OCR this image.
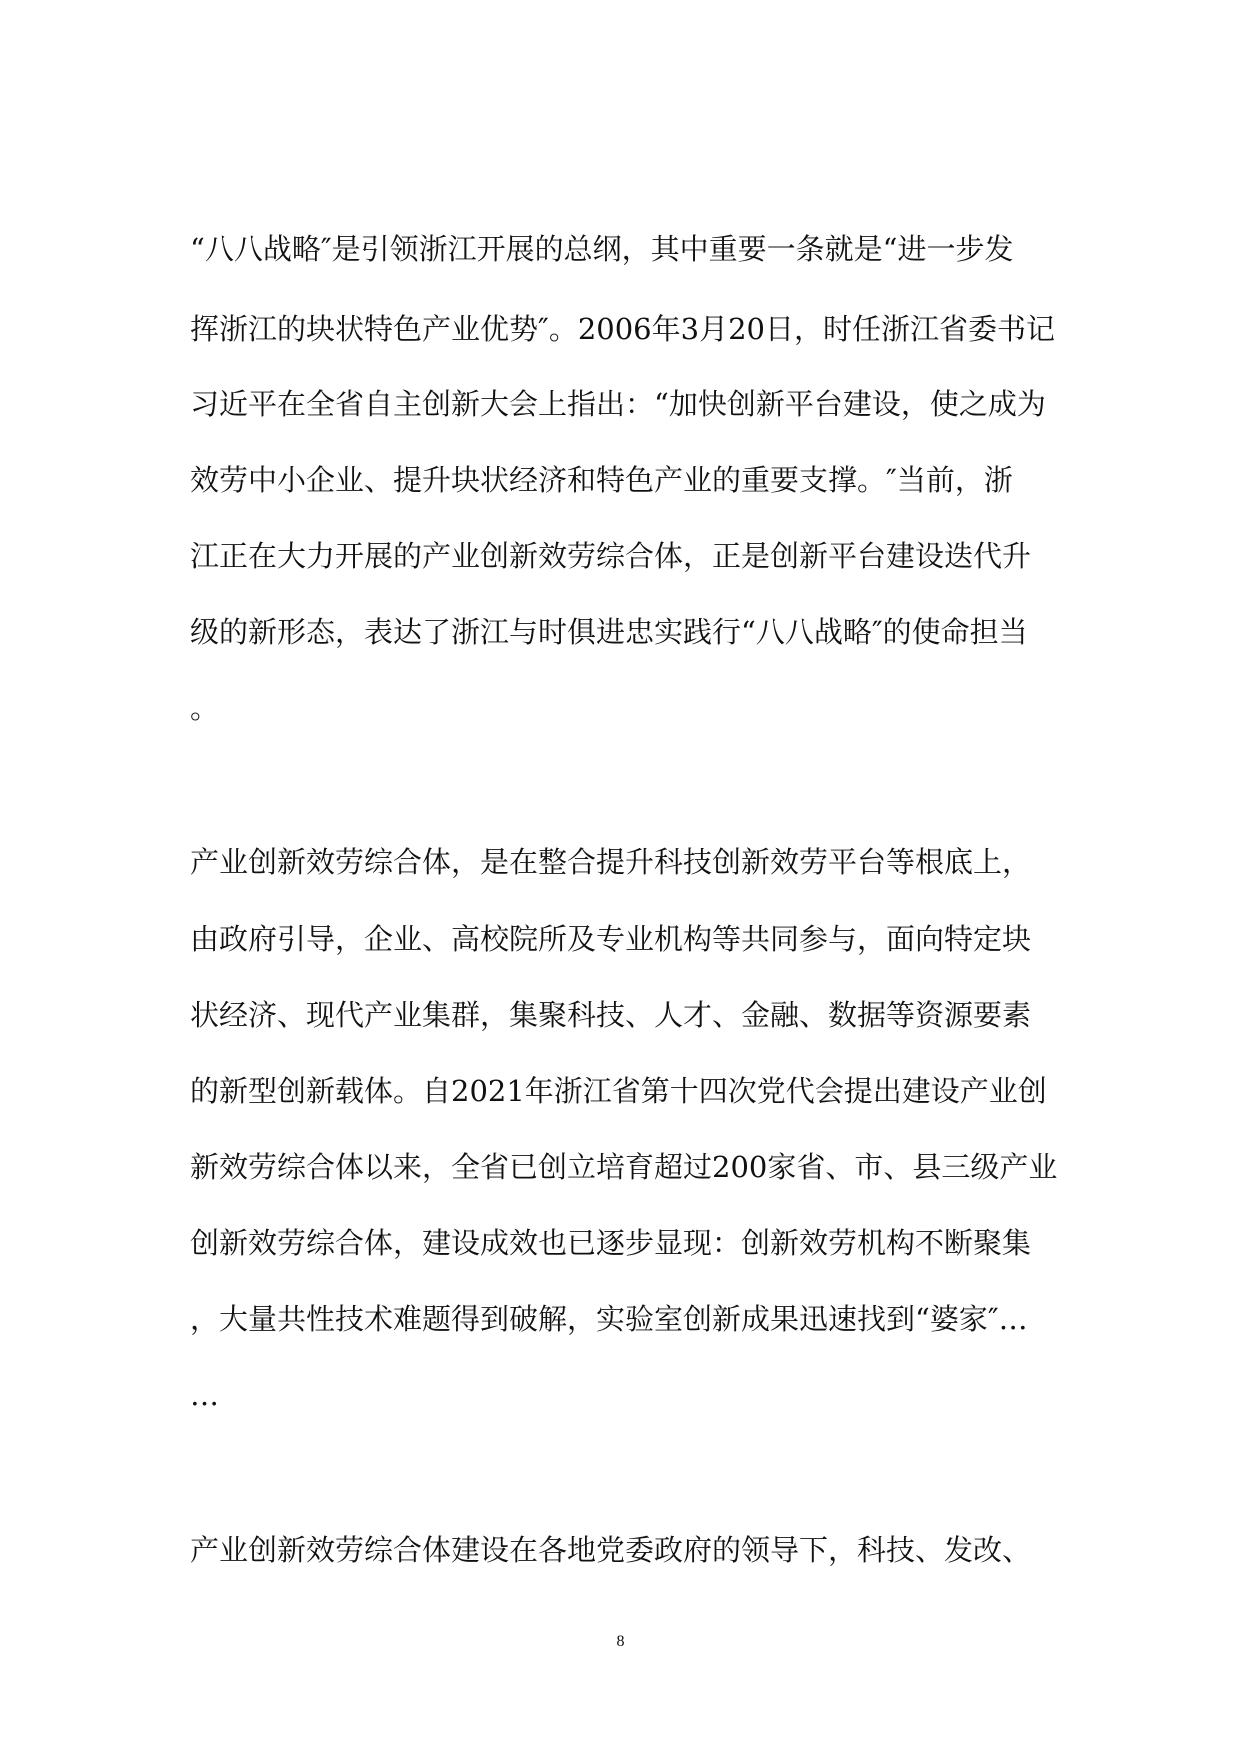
“八八战略″是引领浙江开展的总纲，其中重要一条就是“进一步发
挥浙江的块状特色产业优势″。2006年3月20日，时任浙江省委书记
习近平在全省自主创新大会上指出：“加快创新平台建设，使之成为
效劳中小企业、提升块状经济和特色产业的重要支撑。″当前，浙
江正在大力开展的产业创新效劳综合体，正是创新平台建设迭代升
级的新形态，表达了浙江与时俱进忠实践行“八八战略″的使命担当
。
产业创新效劳综合体，是在整合提升科技创新效劳平台等根底上，
由政府引导，企业、高校院所及专业机构等共同参与，面向特定块
状经济、现代产业集群，集聚科技、人才、金融、数据等资源要素
的新型创新载体。自2021年浙江省第十四次党代会提出建设产业创
新效劳综合体以来，全省已创立培育超过200家省、市、县三级产业
创新效劳综合体，建设成效也已逐步显现：创新效劳机构不断聚集
，大量共性技术难题得到破解，实验室创新成果迅速找到“婆家″…
…
产业创新效劳综合体建设在各地党委政府的领导下，科技、发改、
8
